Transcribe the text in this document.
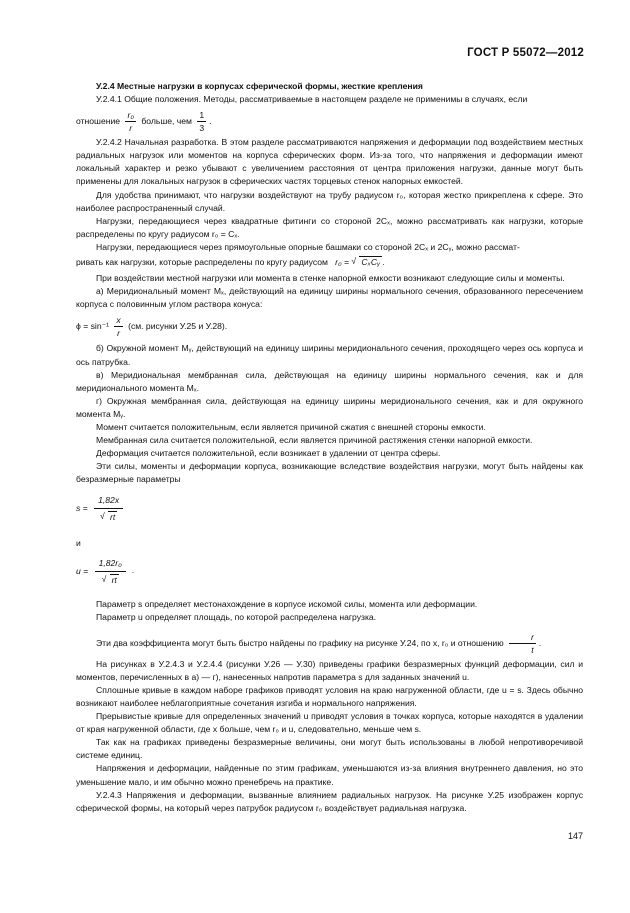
ГОСТ Р 55072—2012

У.2.4 Местные нагрузки в корпусах сферической формы, жесткие крепления

У.2.4.1 Общие положения. Методы, рассматриваемые в настоящем разделе не применимы в случаях, если

отношение $\frac{\text{r₀}}{r}$ больше, чем $\frac{1}{3}$ .

У.2.4.2 Начальная разработка. В этом разделе рассматриваются напряжения и деформации под воздействием местных радиальных нагрузок или моментов на корпуса сферических форм. Из-за того, что напряжения и деформации имеют локальный характер и резко убывают с увеличением расстояния от центра приложения нагрузки, данные могут быть применены для локальных нагрузок в сферических частях торцевых стенок напорных емкостей.

Для удобства принимают, что нагрузки воздействуют на трубу радиусом r₀, которая жестко прикреплена к сфере. Это наиболее распространенный случай.

Нагрузки, передающиеся через квадратные фитинги со стороной 2Cₓ, можно рассматривать как нагрузки, которые распределены по кругу радиусом r₀ = Cₓ.

Нагрузки, передающиеся через прямоугольные опорные башмаки со стороной 2Cₓ и 2Cᵧ, можно рассмат-

ривать как нагрузки, которые распределены по кругу радиусом r₀ = √ CₓCᵧ .

При воздействии местной нагрузки или момента в стенке напорной емкости возникают следующие силы и моменты.

а) Меридиональный момент Mₓ, действующий на единицу ширины нормального сечения, образованного пересечением корпуса с половинным углом раствора конуса:

$\phi = \sin^{-1} \frac{x}{r} (см$. рисунки У.25 и У.28).

б) Окружной момент Mᵧ, действующий на единицу ширины меридионального сечения, проходящего через ось корпуса и ось патрубка.

в) Меридиональная мембранная сила, действующая на единицу ширины нормального сечения, как и для меридионального момента Mₓ.

г) Окружная мембранная сила, действующая на единицу ширины меридионального сечения, как и для окружного момента Mᵧ.

Момент считается положительным, если является причиной сжатия с внешней стороны емкости.

Мембранная сила считается положительной, если является причиной растяжения стенки напорной емкости.

Деформация считается положительной, если возникает в удалении от центра сферы.

Эти силы, моменты и деформации корпуса, возникающие вследствие воздействия нагрузки, могут быть найдены как безразмерные параметры

$s = \frac{1,82x}{√ rt}$

и

$u = \frac{\text{1,82r₀}}{√ rt}$ .

Параметр s определяет местонахождение в корпусе искомой силы, момента или деформации.

Параметр u определяет площадь, по которой распределена нагрузка.

Эти два коэффициента могут быть быстро найдены по графику на рисунке У.24, по x, r₀ и отношению $\frac{r}{t}$ .

На рисунках в У.2.4.3 и У.2.4.4 (рисунки У.26 — У.30) приведены графики безразмерных функций деформации, сил и моментов, перечисленных в а) — г), нанесенных напротив параметра s для заданных значений u.

Сплошные кривые в каждом наборе графиков приводят условия на краю нагруженной области, где u = s. Здесь обычно возникают наиболее неблагоприятные сочетания изгиба и нормального напряжения.

Прерывистые кривые для определенных значений u приводят условия в точках корпуса, которые находятся в удалении от края нагруженной области, где x больше, чем r₀ и u, следовательно, меньше чем s.

Так как на графиках приведены безразмерные величины, они могут быть использованы в любой непротиворечивой системе единиц.

Напряжения и деформации, найденные по этим графикам, уменьшаются из-за влияния внутреннего давления, но это уменьшение мало, и им обычно можно пренебречь на практике.

У.2.4.3 Напряжения и деформации, вызванные влиянием радиальных нагрузок. На рисунке У.25 изображен корпус сферической формы, на который через патрубок радиусом r₀ воздействует радиальная нагрузка.

147
